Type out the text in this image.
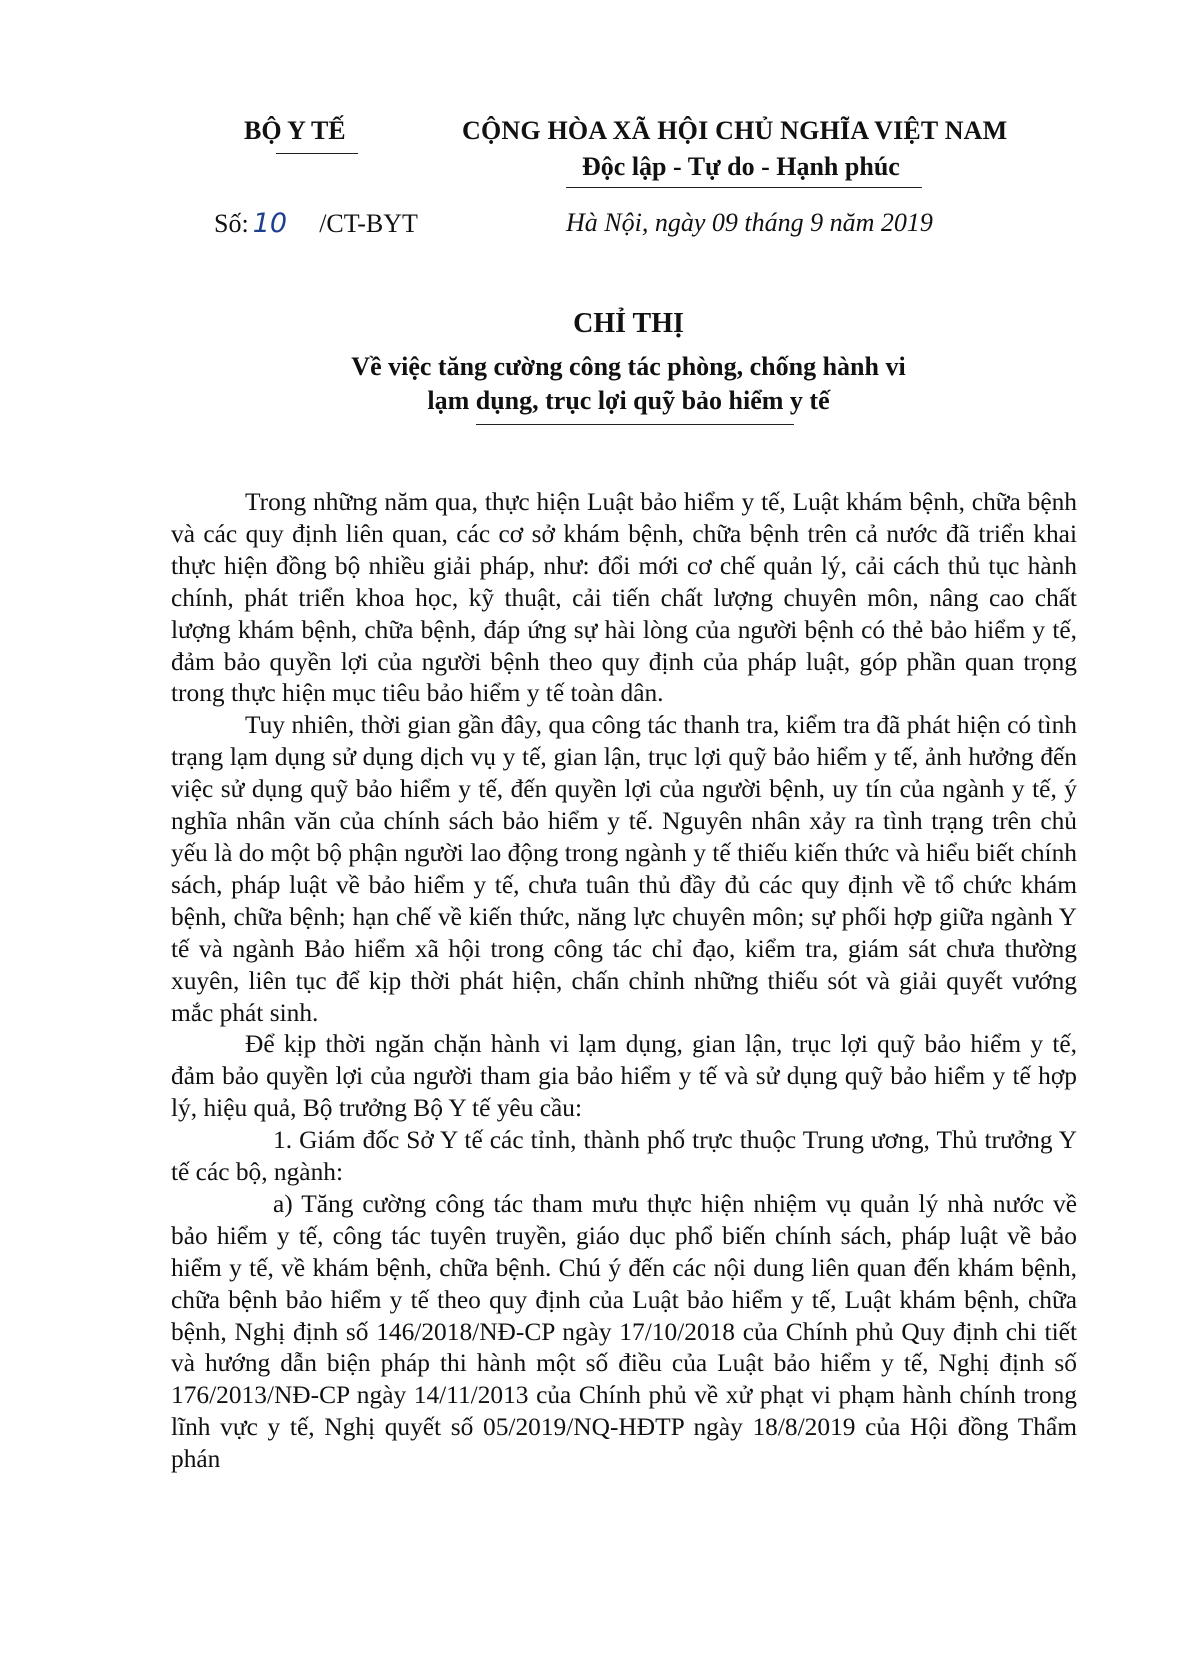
BỘ Y TẾ	CỘNG HÒA XÃ HỘI CHỦ NGHĨA VIỆT NAM
Độc lập - Tự do - Hạnh phúc
Số: 10 /CT-BYT	Hà Nội, ngày 09 tháng 9 năm 2019
CHỈ THỊ
Về việc tăng cường công tác phòng, chống hành vi
lạm dụng, trục lợi quỹ bảo hiểm y tế

Trong những năm qua, thực hiện Luật bảo hiểm y tế, Luật khám bệnh, chữa bệnh và các quy định liên quan, các cơ sở khám bệnh, chữa bệnh trên cả nước đã triển khai thực hiện đồng bộ nhiều giải pháp, như: đổi mới cơ chế quản lý, cải cách thủ tục hành chính, phát triển khoa học, kỹ thuật, cải tiến chất lượng chuyên môn, nâng cao chất lượng khám bệnh, chữa bệnh, đáp ứng sự hài lòng của người bệnh có thẻ bảo hiểm y tế, đảm bảo quyền lợi của người bệnh theo quy định của pháp luật, góp phần quan trọng trong thực hiện mục tiêu bảo hiểm y tế toàn dân.

Tuy nhiên, thời gian gần đây, qua công tác thanh tra, kiểm tra đã phát hiện có tình trạng lạm dụng sử dụng dịch vụ y tế, gian lận, trục lợi quỹ bảo hiểm y tế, ảnh hưởng đến việc sử dụng quỹ bảo hiểm y tế, đến quyền lợi của người bệnh, uy tín của ngành y tế, ý nghĩa nhân văn của chính sách bảo hiểm y tế. Nguyên nhân xảy ra tình trạng trên chủ yếu là do một bộ phận người lao động trong ngành y tế thiếu kiến thức và hiểu biết chính sách, pháp luật về bảo hiểm y tế, chưa tuân thủ đầy đủ các quy định về tổ chức khám bệnh, chữa bệnh; hạn chế về kiến thức, năng lực chuyên môn; sự phối hợp giữa ngành Y tế và ngành Bảo hiểm xã hội trong công tác chỉ đạo, kiểm tra, giám sát chưa thường xuyên, liên tục để kịp thời phát hiện, chấn chỉnh những thiếu sót và giải quyết vướng mắc phát sinh.

Để kịp thời ngăn chặn hành vi lạm dụng, gian lận, trục lợi quỹ bảo hiểm y tế, đảm bảo quyền lợi của người tham gia bảo hiểm y tế và sử dụng quỹ bảo hiểm y tế hợp lý, hiệu quả, Bộ trưởng Bộ Y tế yêu cầu:

1. Giám đốc Sở Y tế các tỉnh, thành phố trực thuộc Trung ương, Thủ trưởng Y tế các bộ, ngành:

a) Tăng cường công tác tham mưu thực hiện nhiệm vụ quản lý nhà nước về bảo hiểm y tế, công tác tuyên truyền, giáo dục phổ biến chính sách, pháp luật về bảo hiểm y tế, về khám bệnh, chữa bệnh. Chú ý đến các nội dung liên quan đến khám bệnh, chữa bệnh bảo hiểm y tế theo quy định của Luật bảo hiểm y tế, Luật khám bệnh, chữa bệnh, Nghị định số 146/2018/NĐ-CP ngày 17/10/2018 của Chính phủ Quy định chi tiết và hướng dẫn biện pháp thi hành một số điều của Luật bảo hiểm y tế, Nghị định số 176/2013/NĐ-CP ngày 14/11/2013 của Chính phủ về xử phạt vi phạm hành chính trong lĩnh vực y tế, Nghị quyết số 05/2019/NQ-HĐTP ngày 18/8/2019 của Hội đồng Thẩm phán
